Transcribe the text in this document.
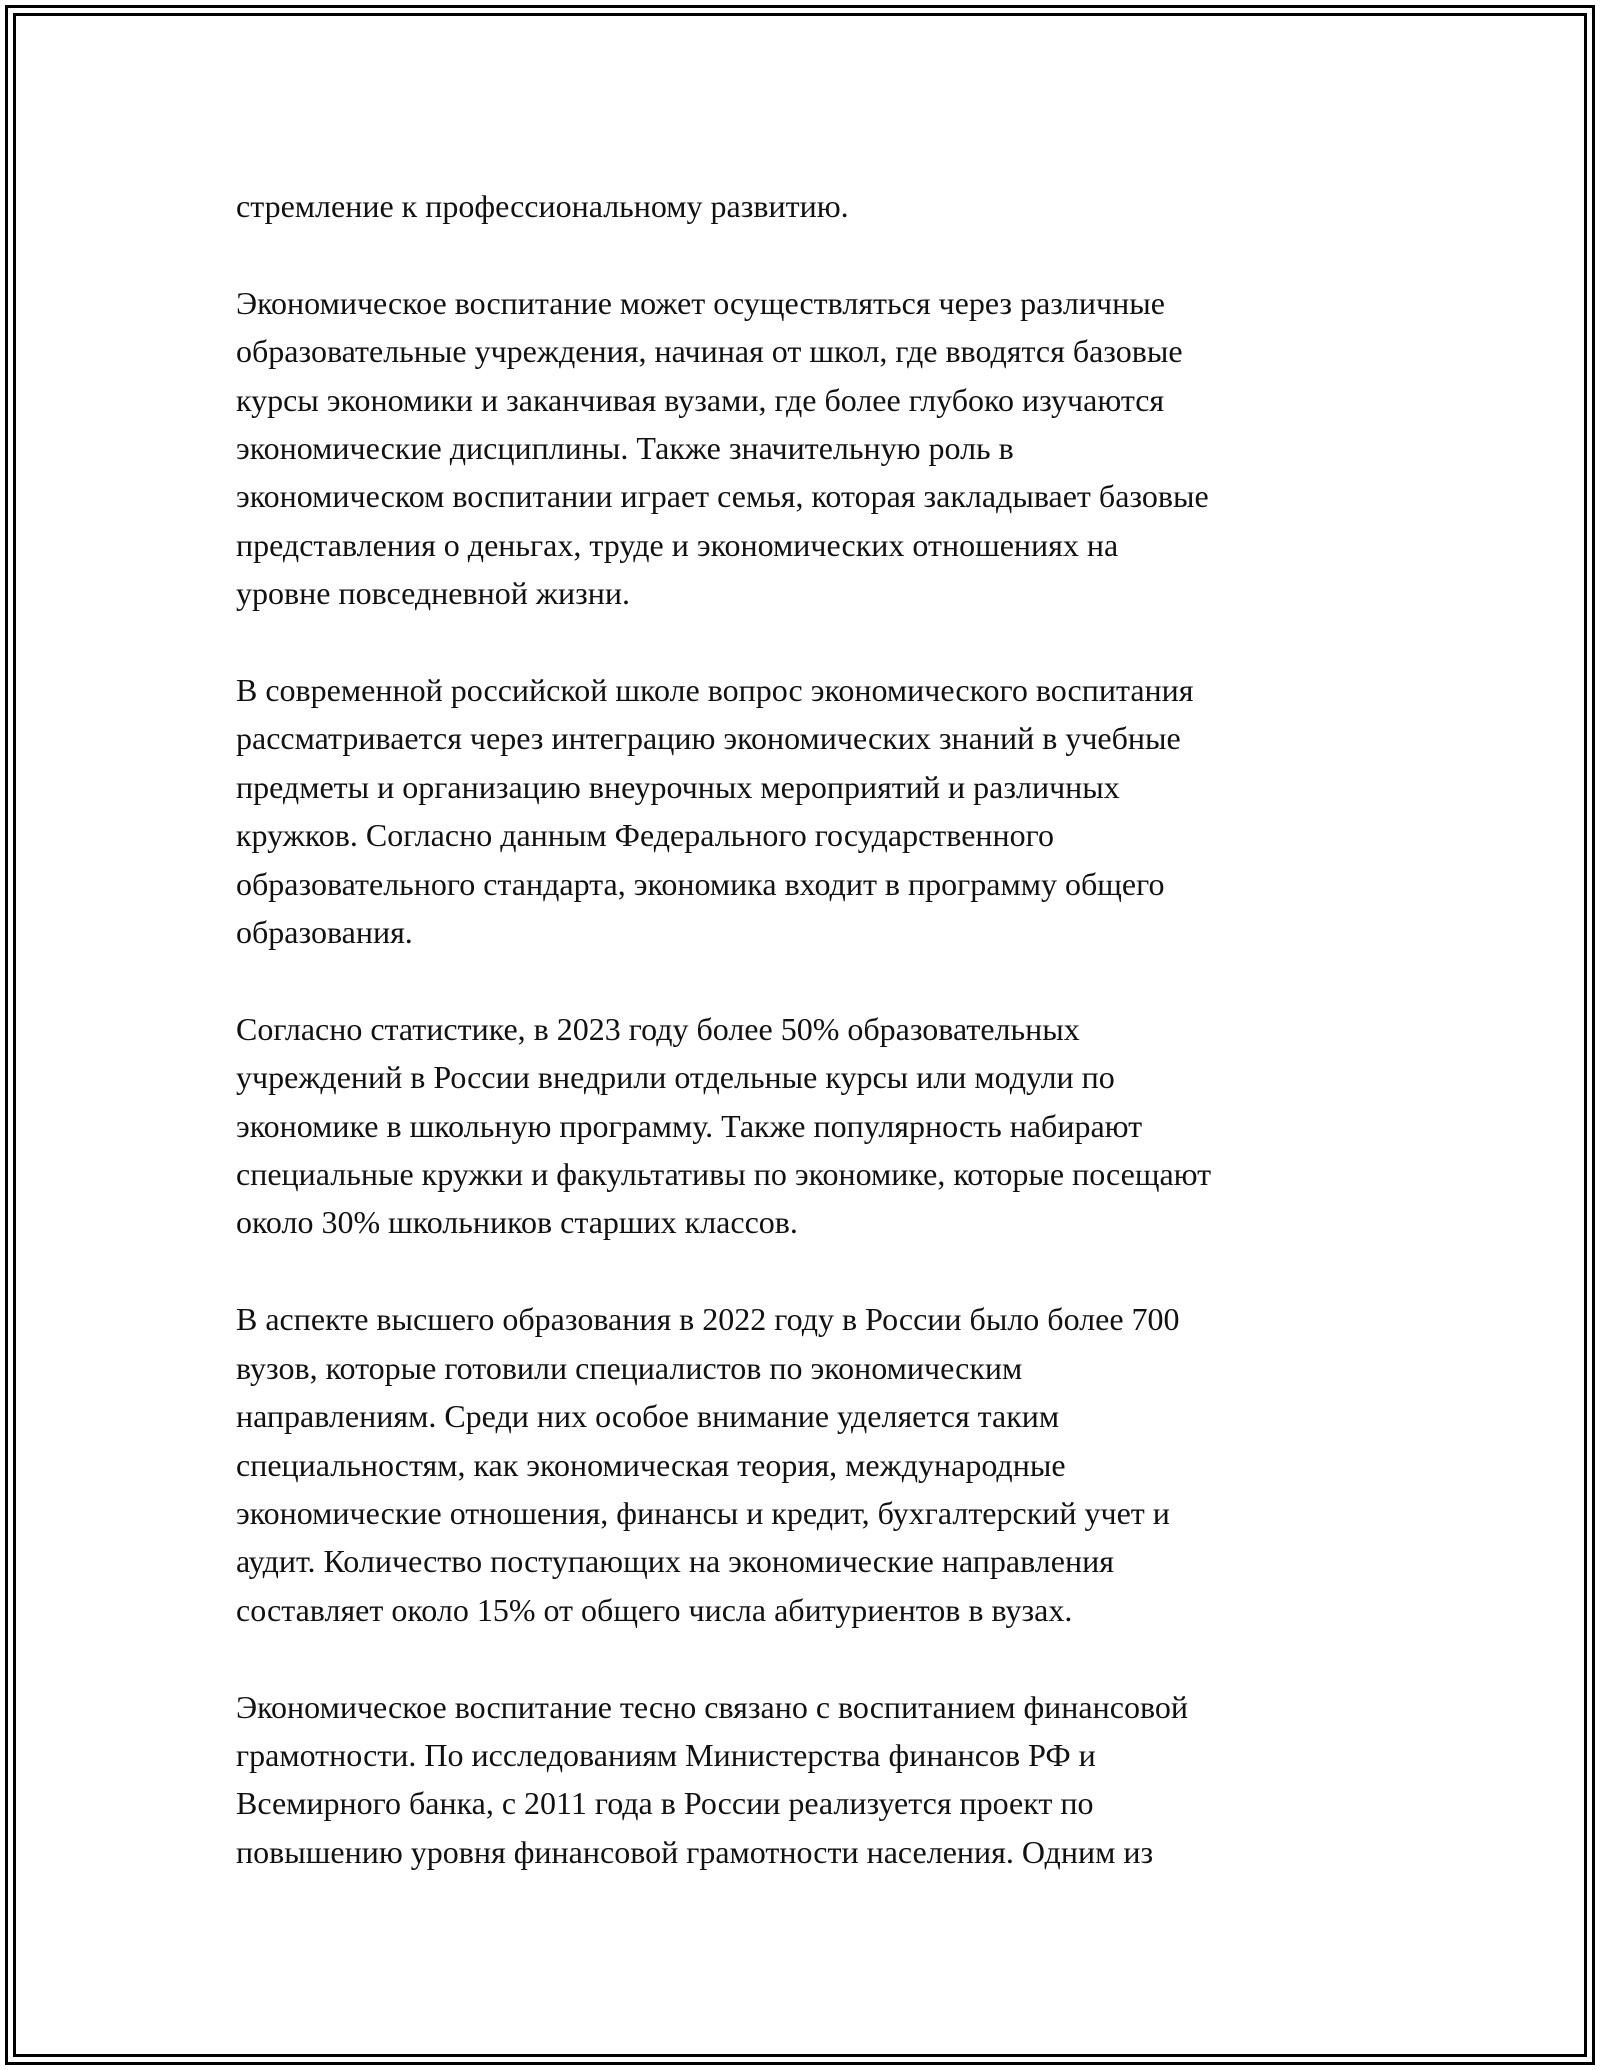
стремление к профессиональному развитию.

Экономическое воспитание может осуществляться через различные
образовательные учреждения, начиная от школ, где вводятся базовые
курсы экономики и заканчивая вузами, где более глубоко изучаются
экономические дисциплины. Также значительную роль в
экономическом воспитании играет семья, которая закладывает базовые
представления о деньгах, труде и экономических отношениях на
уровне повседневной жизни.

В современной российской школе вопрос экономического воспитания
рассматривается через интеграцию экономических знаний в учебные
предметы и организацию внеурочных мероприятий и различных
кружков. Согласно данным Федерального государственного
образовательного стандарта, экономика входит в программу общего
образования.

Согласно статистике, в 2023 году более 50% образовательных
учреждений в России внедрили отдельные курсы или модули по
экономике в школьную программу. Также популярность набирают
специальные кружки и факультативы по экономике, которые посещают
около 30% школьников старших классов.

В аспекте высшего образования в 2022 году в России было более 700
вузов, которые готовили специалистов по экономическим
направлениям. Среди них особое внимание уделяется таким
специальностям, как экономическая теория, международные
экономические отношения, финансы и кредит, бухгалтерский учет и
аудит. Количество поступающих на экономические направления
составляет около 15% от общего числа абитуриентов в вузах.

Экономическое воспитание тесно связано с воспитанием финансовой
грамотности. По исследованиям Министерства финансов РФ и
Всемирного банка, с 2011 года в России реализуется проект по
повышению уровня финансовой грамотности населения. Одним из
